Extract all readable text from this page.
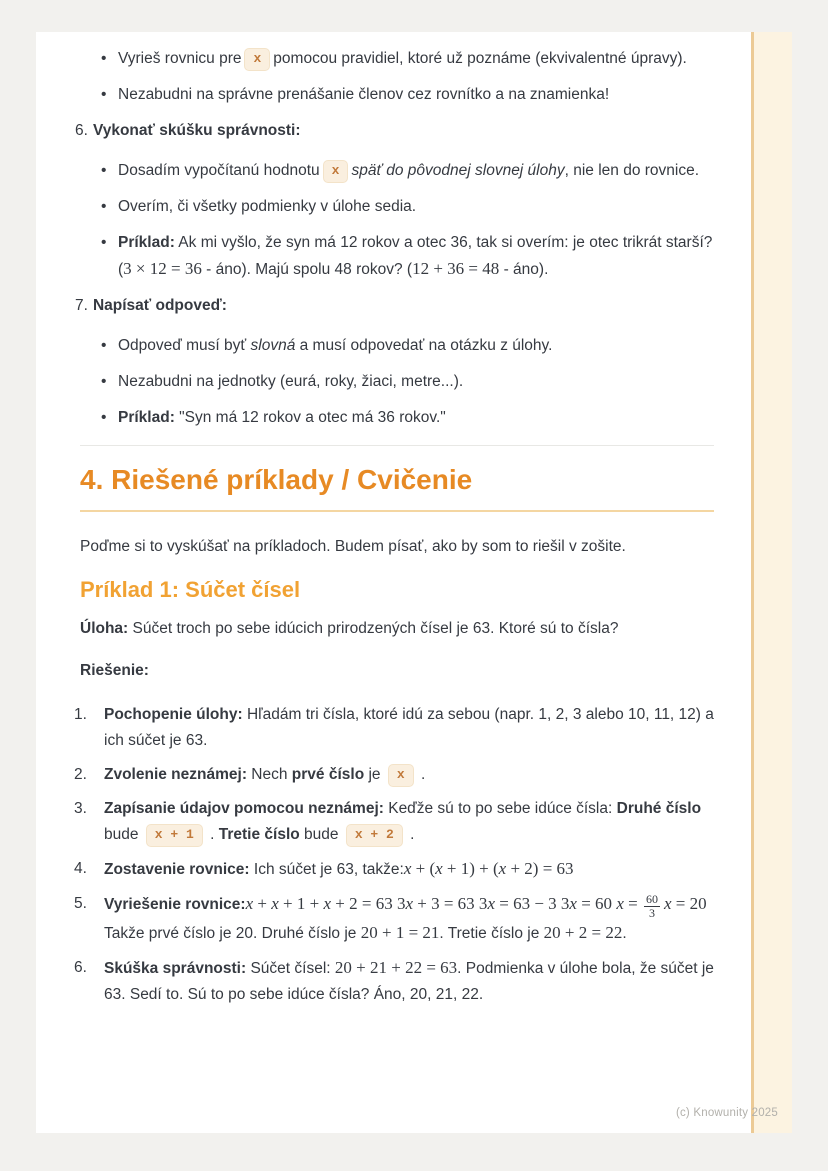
• Vyrieš rovnicu pre x pomocou pravidiel, ktoré už poznáme (ekvivalentné úpravy).
• Nezabudni na správne prenášanie členov cez rovnítko a na znamienka!
6. Vykonať skúšku správnosti:
• Dosadím vypočítanú hodnotu x späť do pôvodnej slovnej úlohy, nie len do rovnice.
• Overím, či všetky podmienky v úlohe sedia.
• Príklad: Ak mi vyšlo, že syn má 12 rokov a otec 36, tak si overím: je otec trikrát starší? (3 × 12 = 36 - áno). Majú spolu 48 rokov? (12 + 36 = 48 - áno).
7. Napísať odpoveď:
• Odpoveď musí byť slovná a musí odpovedať na otázku z úlohy.
• Nezabudni na jednotky (eurá, roky, žiaci, metre...).
• Príklad: "Syn má 12 rokov a otec má 36 rokov."
4. Riešené príklady / Cvičenie

Poďme si to vyskúšať na príkladoch. Budem písať, ako by som to riešil v zošite.

Príklad 1: Súčet čísel

Úloha: Súčet troch po sebe idúcich prirodzených čísel je 63. Ktoré sú to čísla?

Riešenie:

1. Pochopenie úlohy: Hľadám tri čísla, ktoré idú za sebou (napr. 1, 2, 3 alebo 10, 11, 12) a ich súčet je 63.
2. Zvolenie neznámej: Nech prvé číslo je x .
3. Zapísanie údajov pomocou neznámej: Keďže sú to po sebe idúce čísla: Druhé číslo bude x + 1 . Tretie číslo bude x + 2 .
4. Zostavenie rovnice: Ich súčet je 63, takže:x + (x + 1) + (x + 2) = 63
5. Vyriešenie rovnice:x + x + 1 + x + 2 = 63 3x + 3 = 63 3x = 63 − 3 3x = 60 $x = \frac{60}{3}$ x = 20 Takže prvé číslo je 20. Druhé číslo je 20 + 1 = 21. Tretie číslo je 20 + 2 = 22.
6. Skúška správnosti: Súčet čísel: 20 + 21 + 22 = 63. Podmienka v úlohe bola, že súčet je 63. Sedí to. Sú to po sebe idúce čísla? Áno, 20, 21, 22.
(c) Knowunity 2025
